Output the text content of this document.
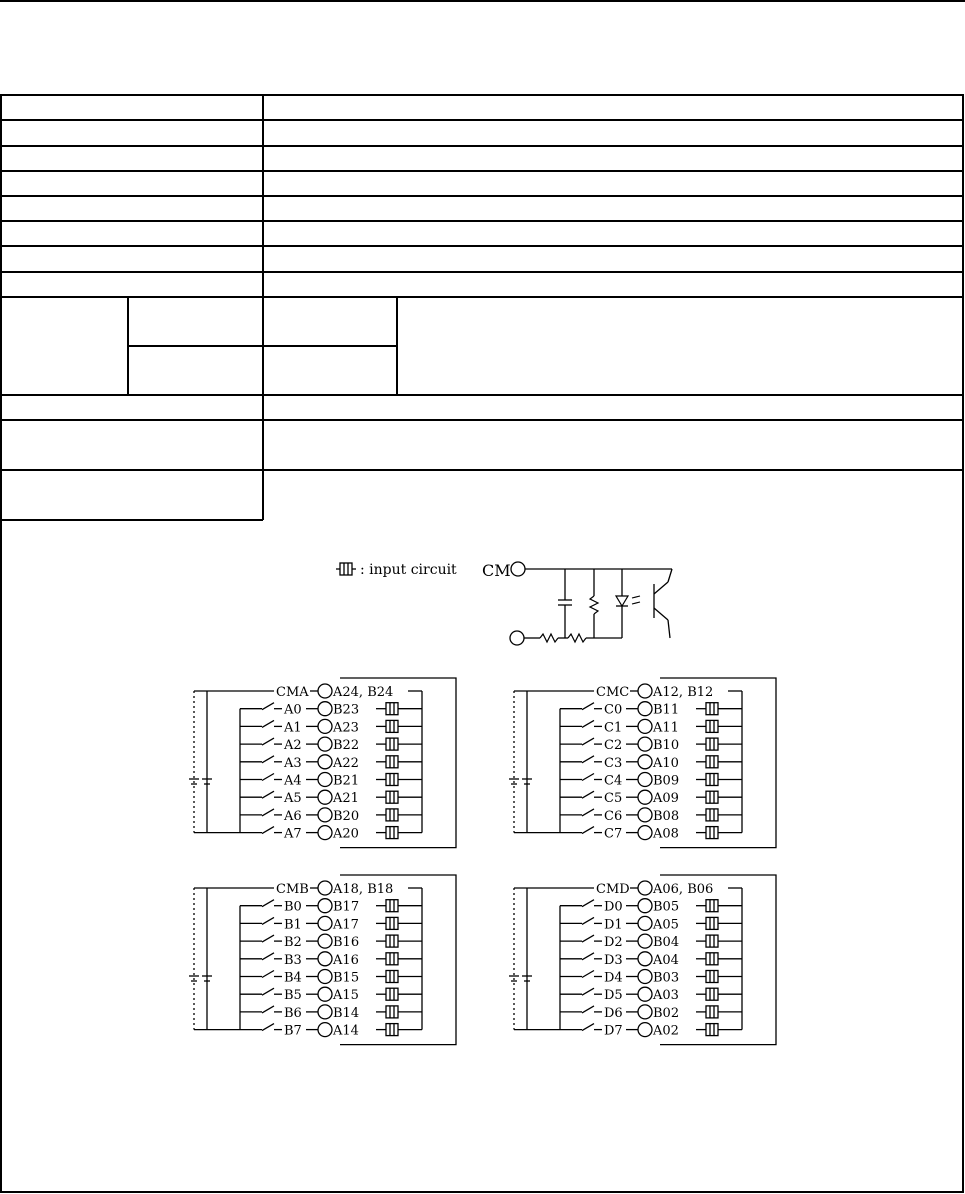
: input circuit CM
CMA A24, B24
A0 B23
A1 A23
A2 B22
A3 A22
A4 B21
A5 A21
A6 B20
A7 A20
CMC A12, B12
C0 B11
C1 A11
C2 B10
C3 A10
C4 B09
C5 A09
C6 B08
C7 A08
CMB A18, B18
B0 B17
B1 A17
B2 B16
B3 A16
B4 B15
B5 A15
B6 B14
B7 A14
CMD A06, B06
D0 B05
D1 A05
D2 B04
D3 A04
D4 B03
D5 A03
D6 B02
D7 A02
